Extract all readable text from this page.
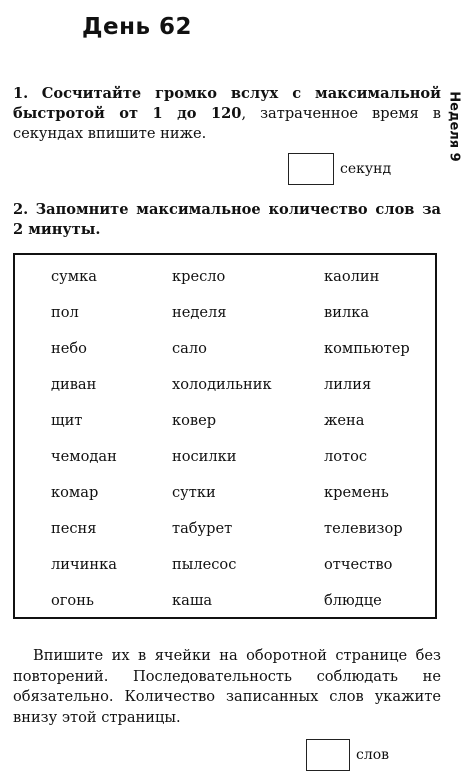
День 62
Неделя 9
1. Сосчитайте громко вслух с максимальной быстротой от 1 до 120, затраченное время в секундах впишите ниже.
секунд
2. Запомните максимальное количество слов за 2 минуты.
сумка	кресло	каолин
пол	неделя	вилка
небо	сало	компьютер
диван	холодильник	лилия
щит	ковер	жена
чемодан	носилки	лотос
комар	сутки	кремень
песня	табурет	телевизор
личинка	пылесос	отчество
огонь	каша	блюдце
Впишите их в ячейки на оборотной странице без повторений. Последовательность соблюдать не обязательно. Количество записанных слов укажите внизу этой страницы.
слов
